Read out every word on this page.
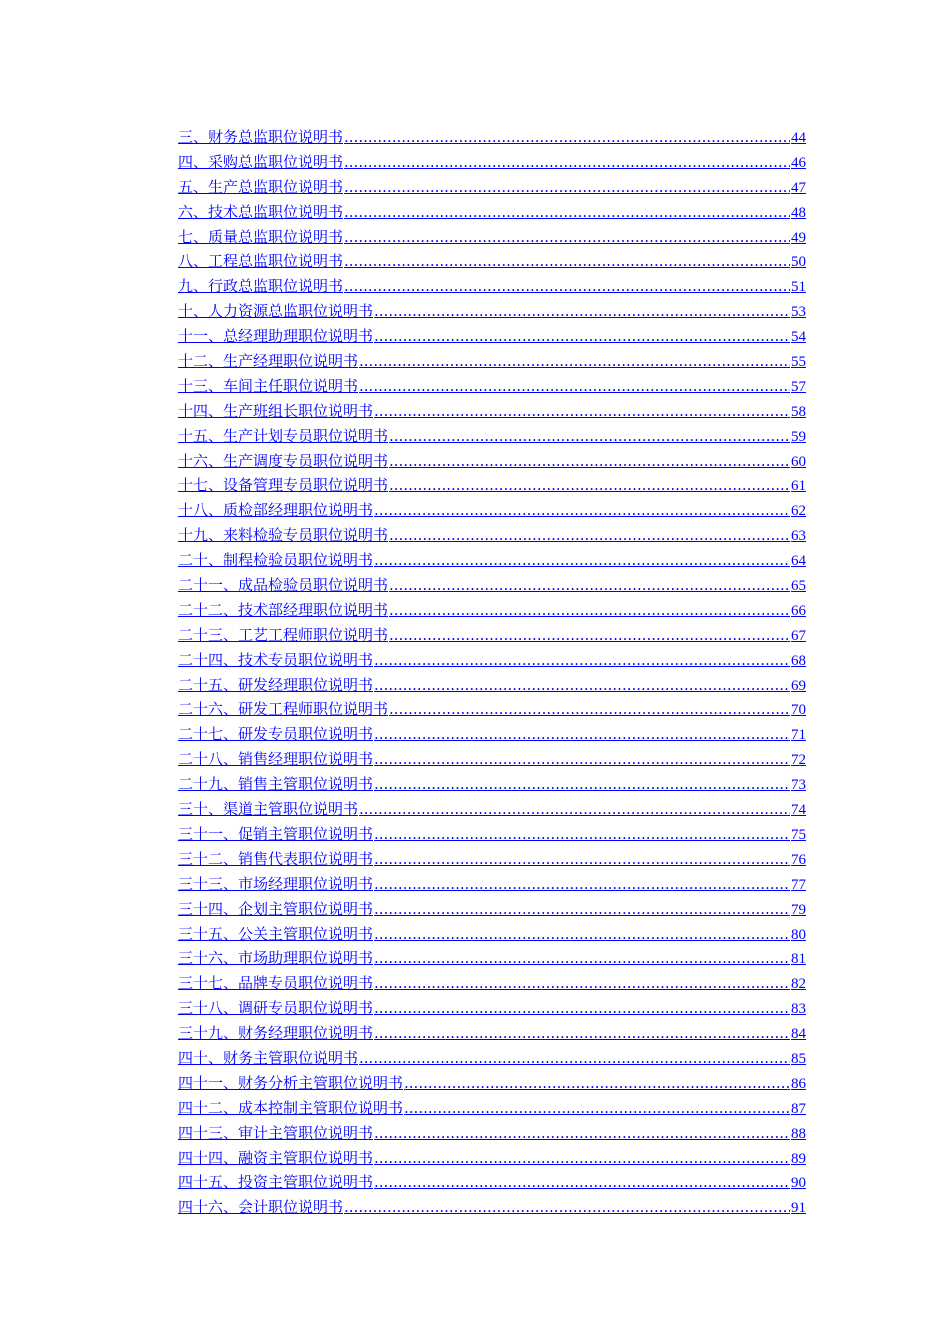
三、财务总监职位说明书 .....	44
四、采购总监职位说明书 .....	46
五、生产总监职位说明书 .....	47
六、技术总监职位说明书 .....	48
七、质量总监职位说明书 .....	49
八、工程总监职位说明书 .....	50
九、行政总监职位说明书 .....	51
十、人力资源总监职位说明书 .....	53
十一、总经理助理职位说明书 .....	54
十二、生产经理职位说明书 .....	55
十三、车间主任职位说明书 .....	57
十四、生产班组长职位说明书 .....	58
十五、生产计划专员职位说明书 .....	59
十六、生产调度专员职位说明书 .....	60
十七、设备管理专员职位说明书 .....	61
十八、质检部经理职位说明书 .....	62
十九、来料检验专员职位说明书 .....	63
二十、制程检验员职位说明书 .....	64
二十一、成品检验员职位说明书 .....	65
二十二、技术部经理职位说明书 .....	66
二十三、工艺工程师职位说明书 .....	67
二十四、技术专员职位说明书 .....	68
二十五、研发经理职位说明书 .....	69
二十六、研发工程师职位说明书 .....	70
二十七、研发专员职位说明书 .....	71
二十八、销售经理职位说明书 .....	72
二十九、销售主管职位说明书 .....	73
三十、渠道主管职位说明书 .....	74
三十一、促销主管职位说明书 .....	75
三十二、销售代表职位说明书 .....	76
三十三、市场经理职位说明书 .....	77
三十四、企划主管职位说明书 .....	79
三十五、公关主管职位说明书 .....	80
三十六、市场助理职位说明书 .....	81
三十七、品牌专员职位说明书 .....	82
三十八、调研专员职位说明书 .....	83
三十九、财务经理职位说明书 .....	84
四十、财务主管职位说明书 .....	85
四十一、财务分析主管职位说明书 .....	86
四十二、成本控制主管职位说明书 .....	87
四十三、审计主管职位说明书 .....	88
四十四、融资主管职位说明书 .....	89
四十五、投资主管职位说明书 .....	90
四十六、会计职位说明书 .....	91
